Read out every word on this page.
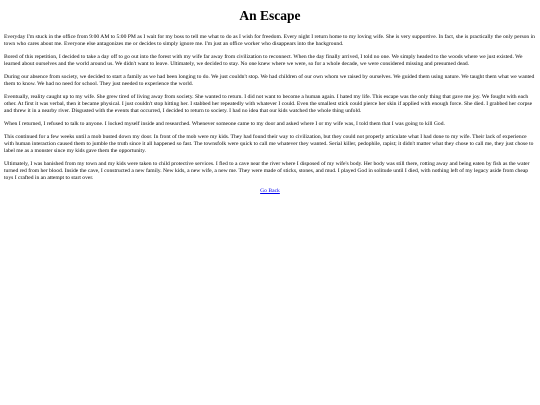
An Escape

Everyday I'm stuck in the office from 9:00 AM to 5:00 PM as I wait for my boss to tell me what to do as I wish for freedom. Every night I return home to my loving wife. She is very supportive. In fact, she is practically the only person in town who cares about me. Everyone else antagonizes me or decides to simply ignore me. I'm just an office worker who disappears into the background.

Bored of this repetition, I decided to take a day off to go out into the forest with my wife far away from civilization to reconnect. When the day finally arrived, I told no one. We simply headed to the woods where we just existed. We learned about ourselves and the world around us. We didn't want to leave. Ultimately, we decided to stay. No one knew where we were, so for a whole decade, we were considered missing and presumed dead.

During our absence from society, we decided to start a family as we had been longing to do. We just couldn't stop. We had children of our own whom we raised by ourselves. We guided them using nature. We taught them what we wanted them to know. We had no need for school. They just needed to experience the world.

Eventually, reality caught up to my wife. She grew tired of living away from society. She wanted to return. I did not want to become a human again. I hated my life. This escape was the only thing that gave me joy. We fought with each other. At first it was verbal, then it became physical. I just couldn't stop hitting her. I stabbed her repeatedly with whatever I could. Even the smallest stick could pierce her skin if applied with enough force. She died. I grabbed her corpse and threw it in a nearby river. Disgusted with the events that occurred, I decided to return to society. I had no idea that our kids watched the whole thing unfold.

When I returned, I refused to talk to anyone. I locked myself inside and researched. Whenever someone came to my door and asked where I or my wife was, I told them that I was going to kill God.

This continued for a few weeks until a mob busted down my door. In front of the mob were my kids. They had found their way to civilization, but they could not properly articulate what I had done to my wife. Their lack of experience with human interaction caused them to jumble the truth since it all happened so fast. The townsfolk were quick to call me whatever they wanted. Serial killer, pedophile, rapist; it didn't matter what they chose to call me, they just chose to label me as a monster since my kids gave them the opportunity.

Ultimately, I was banished from my town and my kids were taken to child protective services. I fled to a cave near the river where I disposed of my wife's body. Her body was still there, rotting away and being eaten by fish as the water turned red from her blood. Inside the cave, I constructed a new family. New kids, a new wife, a new me. They were made of sticks, stones, and mud. I played God in solitude until I died, with nothing left of my legacy aside from cheap toys I crafted in an attempt to start over.

Go Back
